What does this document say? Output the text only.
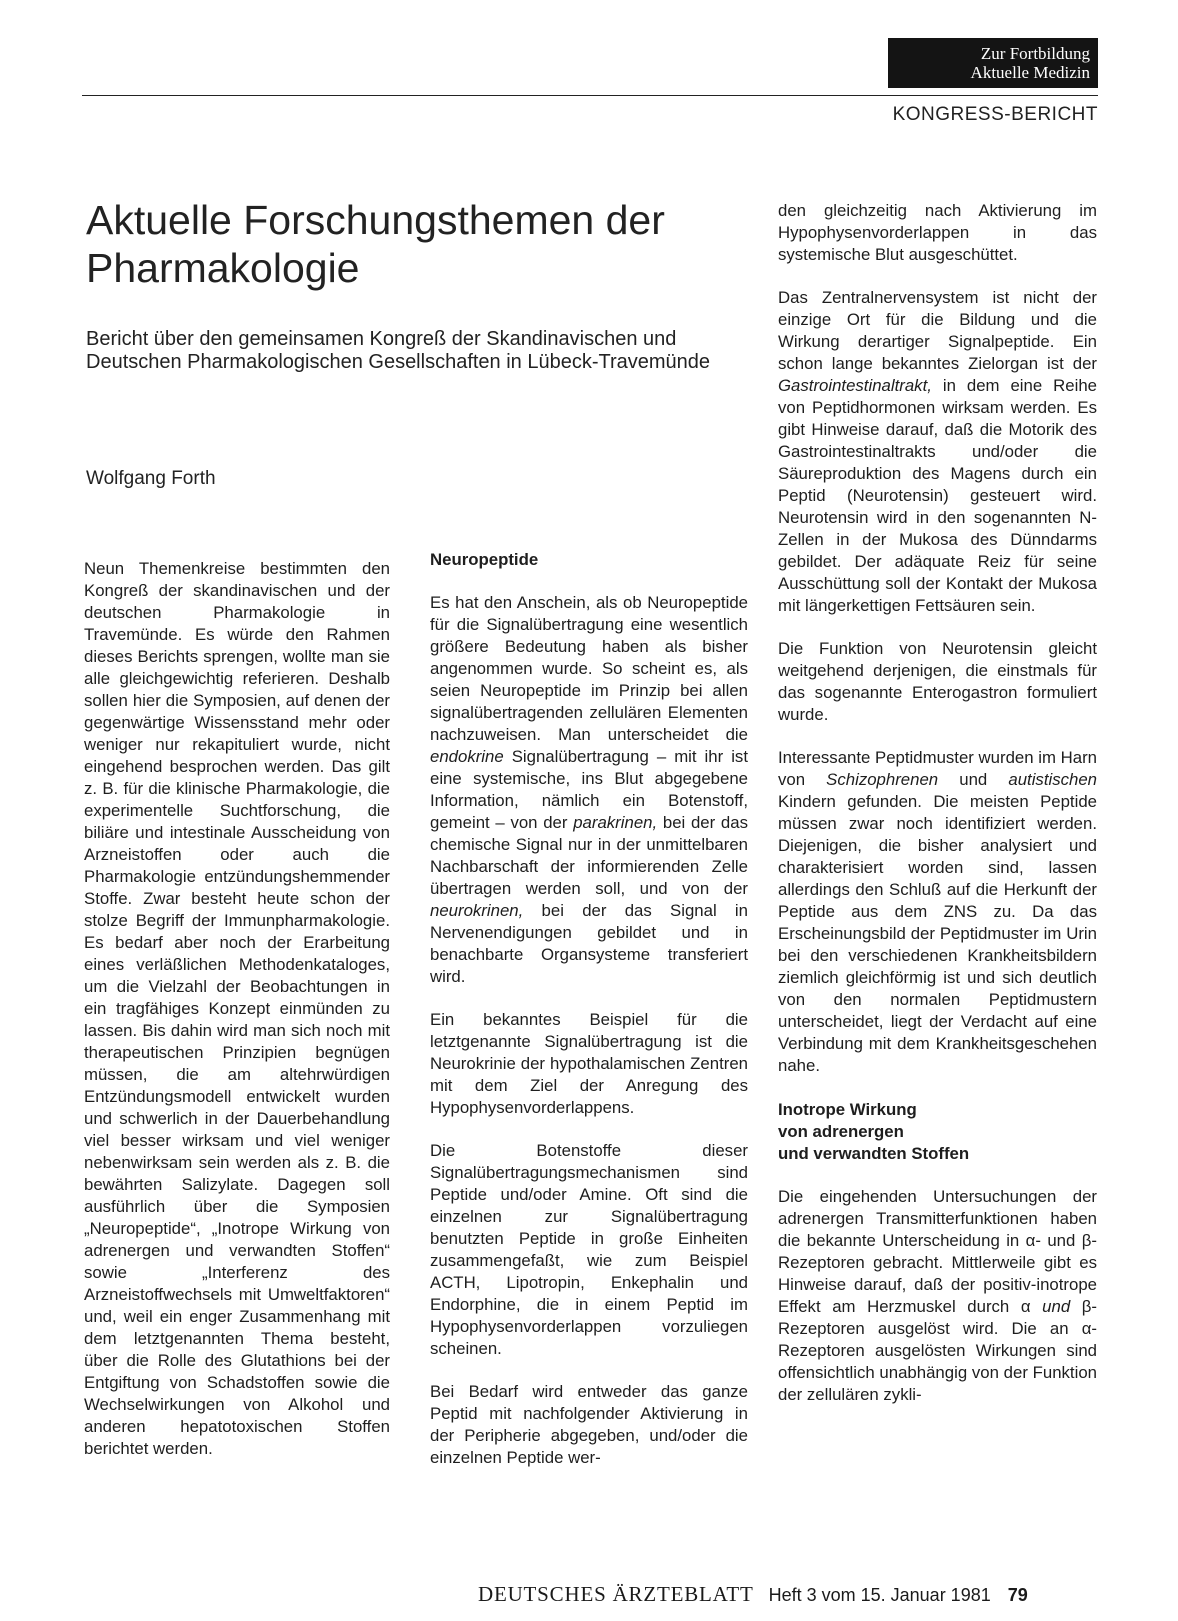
Zur Fortbildung
Aktuelle Medizin
KONGRESS-BERICHT
Aktuelle Forschungsthemen der Pharmakologie

Bericht über den gemeinsamen Kongreß der Skandinavischen und Deutschen Pharmakologischen Gesellschaften in Lübeck-Travemünde

Wolfgang Forth

Neun Themenkreise bestimmten den Kongreß der skandinavischen und der deutschen Pharmakologie in Travemünde. Es würde den Rahmen dieses Berichts sprengen, wollte man sie alle gleichgewichtig referieren. Deshalb sollen hier die Symposien, auf denen der gegenwärtige Wissensstand mehr oder weniger nur rekapituliert wurde, nicht eingehend besprochen werden. Das gilt z. B. für die klinische Pharmakologie, die experimentelle Suchtforschung, die biliäre und intestinale Ausscheidung von Arzneistoffen oder auch die Pharmakologie entzündungshemmender Stoffe. Zwar besteht heute schon der stolze Begriff der Immunpharmakologie. Es bedarf aber noch der Erarbeitung eines verläßlichen Methodenkataloges, um die Vielzahl der Beobachtungen in ein tragfähiges Konzept einmünden zu lassen. Bis dahin wird man sich noch mit therapeutischen Prinzipien begnügen müssen, die am altehrwürdigen Entzündungsmodell entwickelt wurden und schwerlich in der Dauerbehandlung viel besser wirksam und viel weniger nebenwirksam sein werden als z. B. die bewährten Salizylate. Dagegen soll ausführlich über die Symposien „Neuropeptide“, „Inotrope Wirkung von adrenergen und verwandten Stoffen“ sowie „Interferenz des Arzneistoffwechsels mit Umweltfaktoren“ und, weil ein enger Zusammenhang mit dem letztgenannten Thema besteht, über die Rolle des Glutathions bei der Entgiftung von Schadstoffen sowie die Wechselwirkungen von Alkohol und anderen hepatotoxischen Stoffen berichtet werden.

Neuropeptide

Es hat den Anschein, als ob Neuropeptide für die Signalübertragung eine wesentlich größere Bedeutung haben als bisher angenommen wurde. So scheint es, als seien Neuropeptide im Prinzip bei allen signalübertragenden zellulären Elementen nachzuweisen. Man unterscheidet die endokrine Signalübertragung – mit ihr ist eine systemische, ins Blut abgegebene Information, nämlich ein Botenstoff, gemeint – von der parakrinen, bei der das chemische Signal nur in der unmittelbaren Nachbarschaft der informierenden Zelle übertragen werden soll, und von der neurokrinen, bei der das Signal in Nervenendigungen gebildet und in benachbarte Organsysteme transferiert wird.

Ein bekanntes Beispiel für die letztgenannte Signalübertragung ist die Neurokrinie der hypothalamischen Zentren mit dem Ziel der Anregung des Hypophysenvorderlappens.

Die Botenstoffe dieser Signalübertragungsmechanismen sind Peptide und/oder Amine. Oft sind die einzelnen zur Signalübertragung benutzten Peptide in große Einheiten zusammengefaßt, wie zum Beispiel ACTH, Lipotropin, Enkephalin und Endorphine, die in einem Peptid im Hypophysenvorderlappen vorzuliegen scheinen.

Bei Bedarf wird entweder das ganze Peptid mit nachfolgender Aktivierung in der Peripherie abgegeben, und/oder die einzelnen Peptide wer-

den gleichzeitig nach Aktivierung im Hypophysenvorderlappen in das systemische Blut ausgeschüttet.

Das Zentralnervensystem ist nicht der einzige Ort für die Bildung und die Wirkung derartiger Signalpeptide. Ein schon lange bekanntes Zielorgan ist der Gastrointestinaltrakt, in dem eine Reihe von Peptidhormonen wirksam werden. Es gibt Hinweise darauf, daß die Motorik des Gastrointestinaltrakts und/oder die Säureproduktion des Magens durch ein Peptid (Neurotensin) gesteuert wird. Neurotensin wird in den sogenannten N-Zellen in der Mukosa des Dünndarms gebildet. Der adäquate Reiz für seine Ausschüttung soll der Kontakt der Mukosa mit längerkettigen Fettsäuren sein.

Die Funktion von Neurotensin gleicht weitgehend derjenigen, die einstmals für das sogenannte Enterogastron formuliert wurde.

Interessante Peptidmuster wurden im Harn von Schizophrenen und autistischen Kindern gefunden. Die meisten Peptide müssen zwar noch identifiziert werden. Diejenigen, die bisher analysiert und charakterisiert worden sind, lassen allerdings den Schluß auf die Herkunft der Peptide aus dem ZNS zu. Da das Erscheinungsbild der Peptidmuster im Urin bei den verschiedenen Krankheitsbildern ziemlich gleichförmig ist und sich deutlich von den normalen Peptidmustern unterscheidet, liegt der Verdacht auf eine Verbindung mit dem Krankheitsgeschehen nahe.

Inotrope Wirkung
von adrenergen
und verwandten Stoffen

Die eingehenden Untersuchungen der adrenergen Transmitterfunktionen haben die bekannte Unterscheidung in α- und β-Rezeptoren gebracht. Mittlerweile gibt es Hinweise darauf, daß der positiv-inotrope Effekt am Herzmuskel durch α und β-Rezeptoren ausgelöst wird. Die an α-Rezeptoren ausgelösten Wirkungen sind offensichtlich unabhängig von der Funktion der zellulären zykli-

DEUTSCHES ÄRZTEBLATT Heft 3 vom 15. Januar 1981 79
